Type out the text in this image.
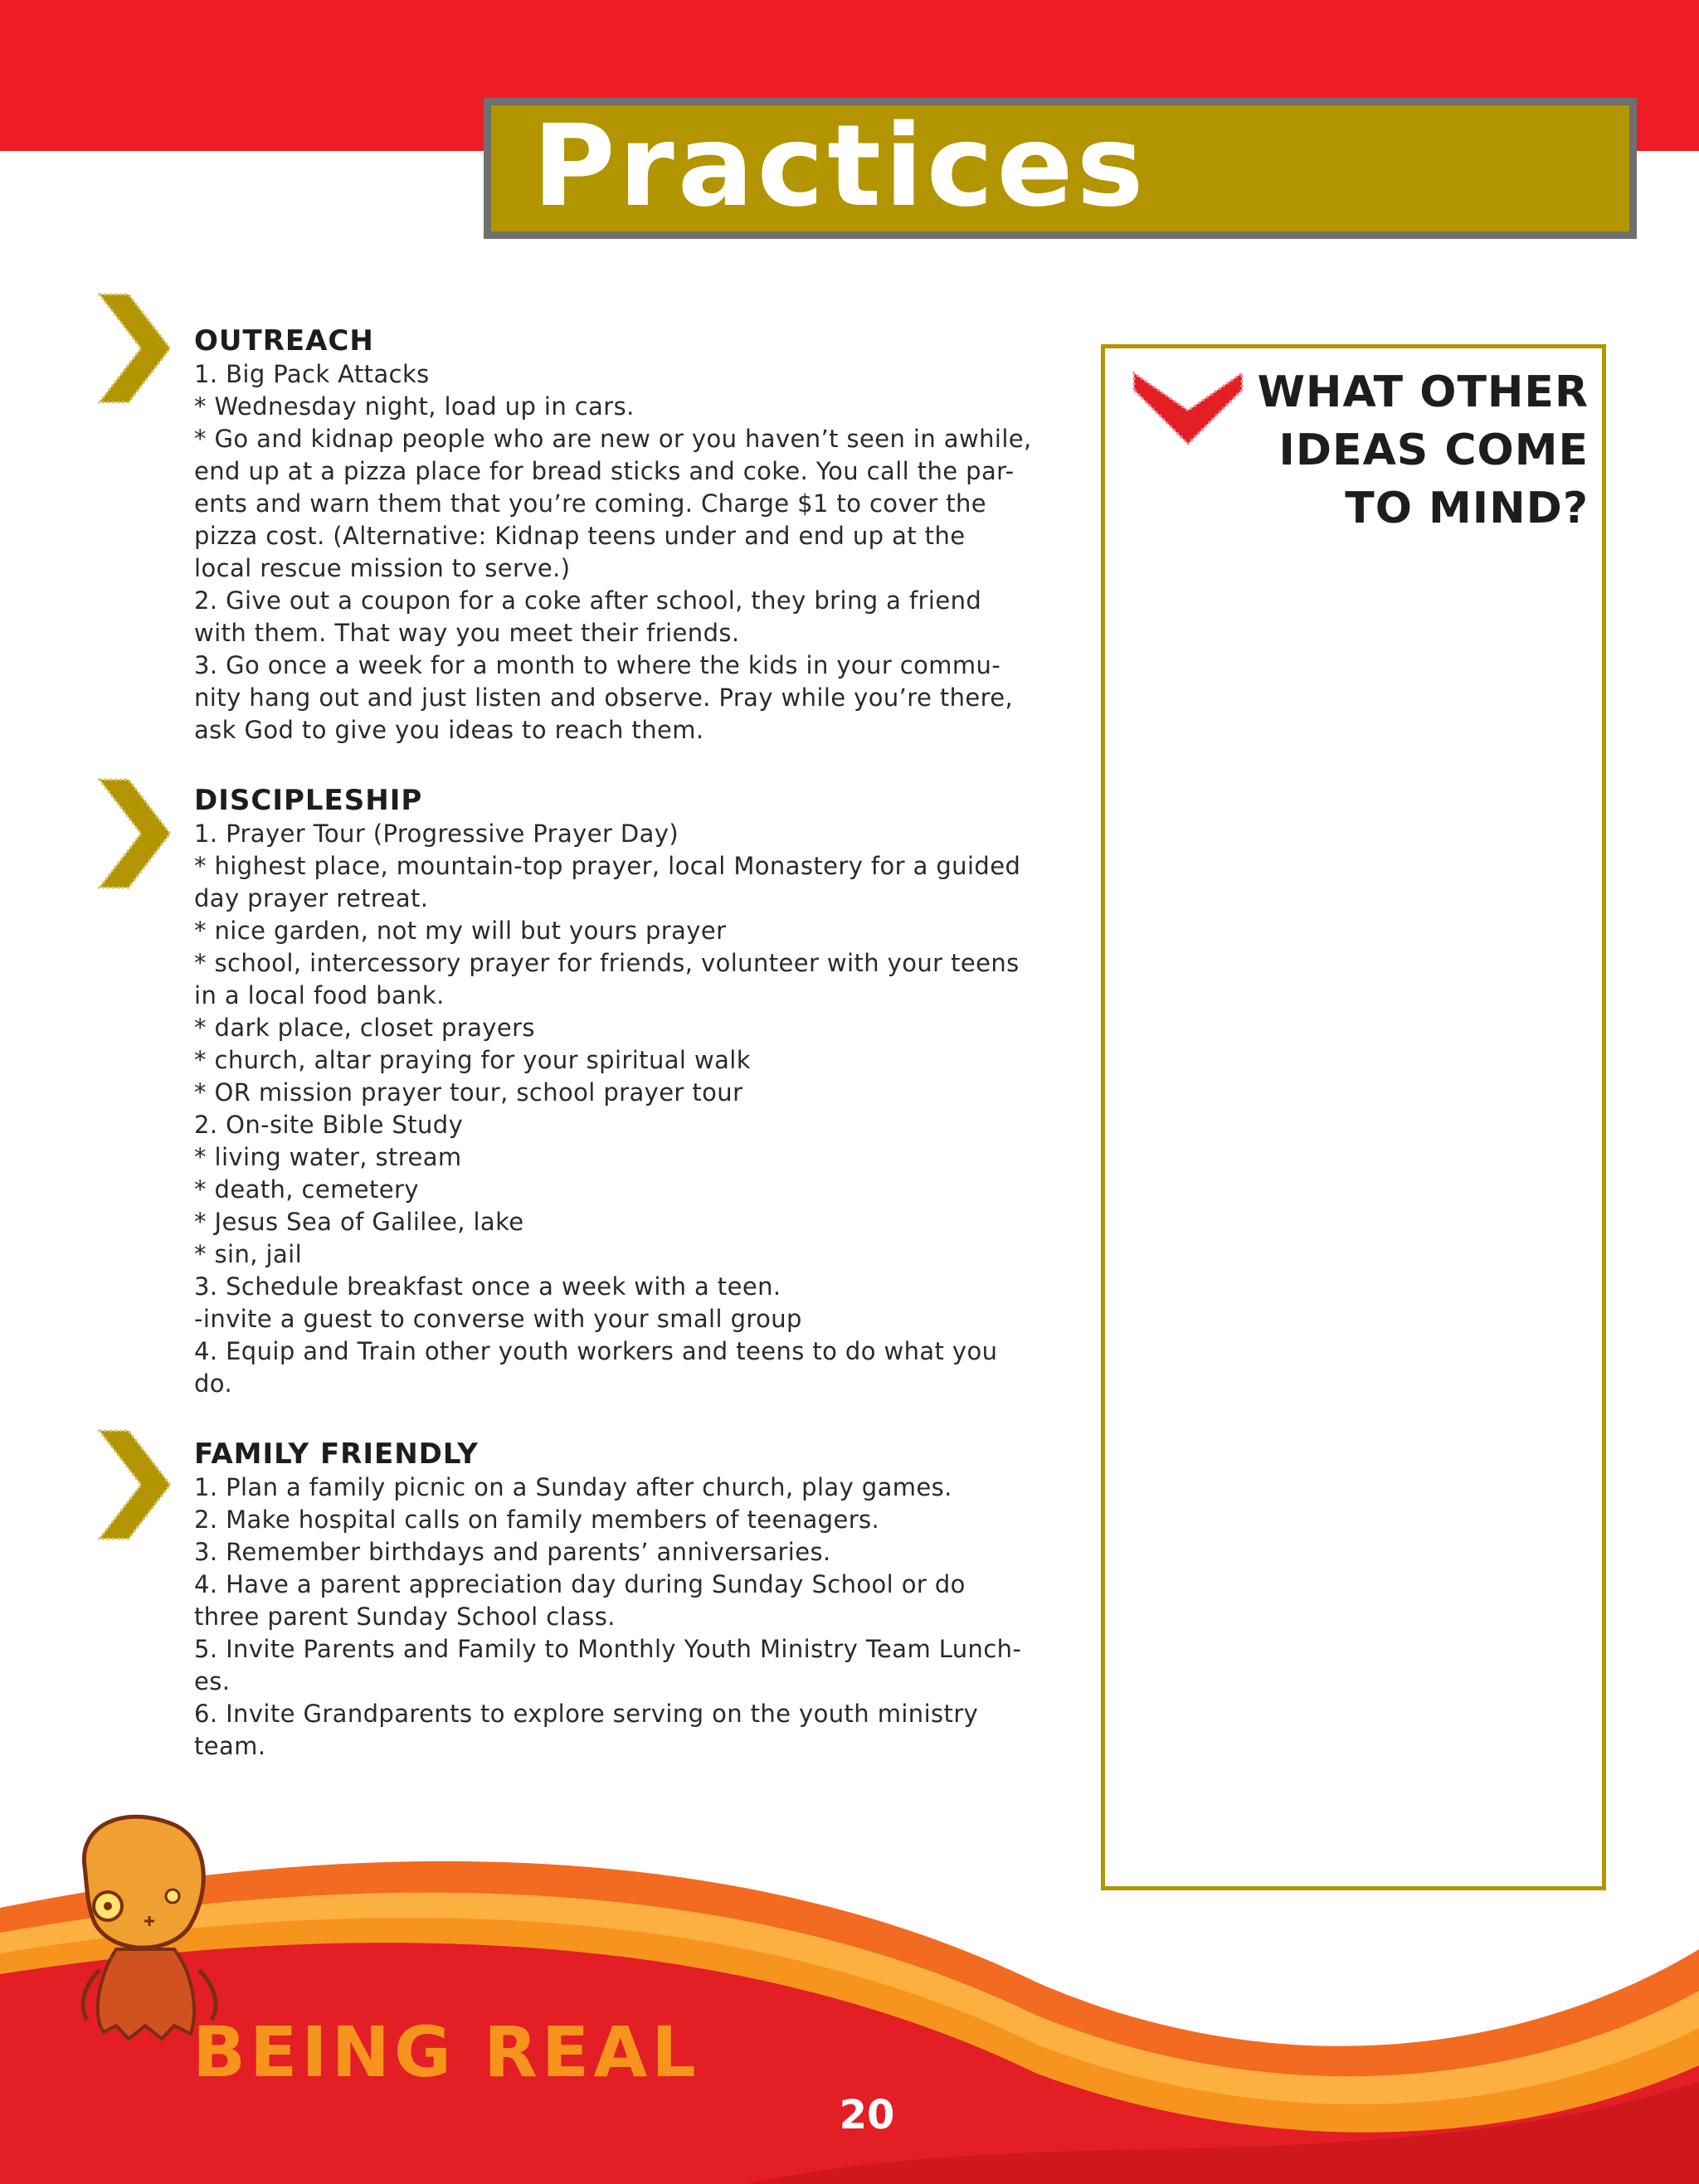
Practices
OUTREACH
1. Big Pack Attacks
* Wednesday night, load up in cars.
* Go and kidnap people who are new or you haven’t seen in awhile,
end up at a pizza place for bread sticks and coke. You call the par-
ents and warn them that you’re coming. Charge $1 to cover the
pizza cost. (Alternative: Kidnap teens under and end up at the
local rescue mission to serve.)
2. Give out a coupon for a coke after school, they bring a friend
with them. That way you meet their friends.
3. Go once a week for a month to where the kids in your commu-
nity hang out and just listen and observe. Pray while you’re there,
ask God to give you ideas to reach them.
DISCIPLESHIP
1. Prayer Tour (Progressive Prayer Day)
* highest place, mountain-top prayer, local Monastery for a guided
day prayer retreat.
* nice garden, not my will but yours prayer
* school, intercessory prayer for friends, volunteer with your teens
in a local food bank.
* dark place, closet prayers
* church, altar praying for your spiritual walk
* OR mission prayer tour, school prayer tour
2. On-site Bible Study
* living water, stream
* death, cemetery
* Jesus Sea of Galilee, lake
* sin, jail
3. Schedule breakfast once a week with a teen.
-invite a guest to converse with your small group
4. Equip and Train other youth workers and teens to do what you
do.
FAMILY FRIENDLY
1. Plan a family picnic on a Sunday after church, play games.
2. Make hospital calls on family members of teenagers.
3. Remember birthdays and parents’ anniversaries.
4. Have a parent appreciation day during Sunday School or do
three parent Sunday School class.
5. Invite Parents and Family to Monthly Youth Ministry Team Lunch-
es.
6. Invite Grandparents to explore serving on the youth ministry
team.
WHAT OTHER
IDEAS COME
TO MIND?
BEING REAL
20
